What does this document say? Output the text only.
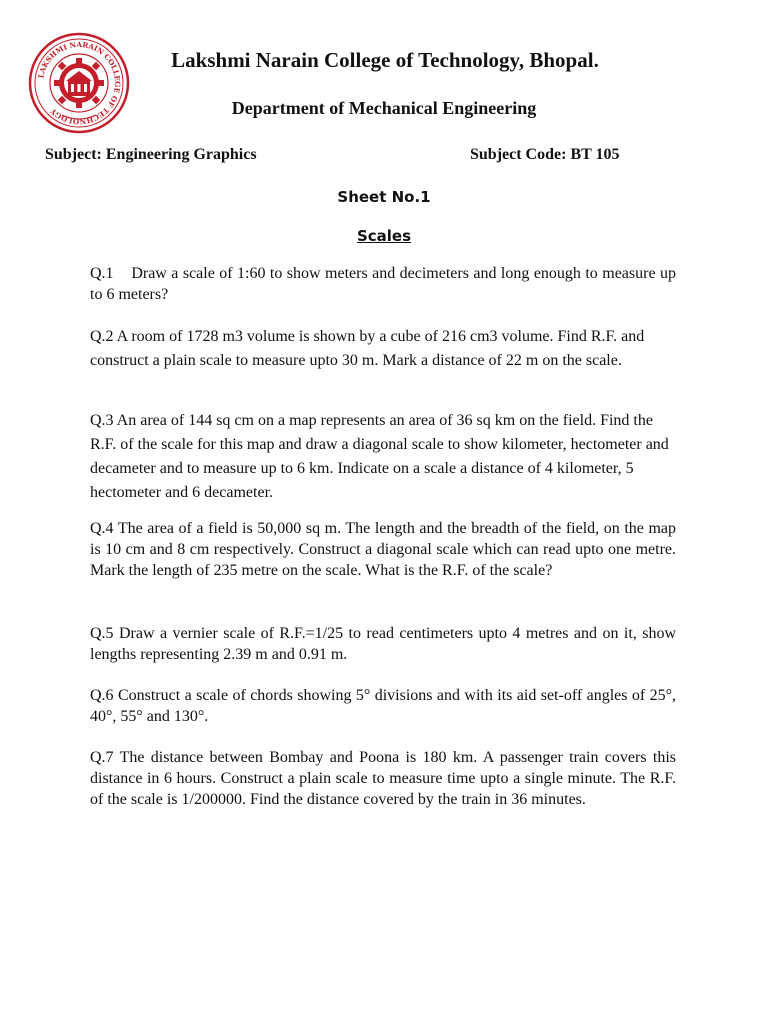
LAKSHMI NARAIN COLLEGE OF TECHNOLOGY
Lakshmi Narain College of Technology, Bhopal.
Department of Mechanical Engineering
Subject: Engineering Graphics	Subject Code: BT 105
Sheet No.1
Scales

Q.1    Draw a scale of 1:60 to show meters and decimeters and long enough to measure up to 6 meters?

Q.2 A room of 1728 m3 volume is shown by a cube of 216 cm3 volume. Find R.F. and construct a plain scale to measure upto 30 m. Mark a distance of 22 m on the scale.

Q.3 An area of 144 sq cm on a map represents an area of 36 sq km on the field. Find the R.F. of the scale for this map and draw a diagonal scale to show kilometer, hectometer and decameter and to measure up to 6 km. Indicate on a scale a distance of 4 kilometer, 5 hectometer and 6 decameter.

Q.4 The area of a field is 50,000 sq m. The length and the breadth of the field, on the map is 10 cm and 8 cm respectively. Construct a diagonal scale which can read upto one metre. Mark the length of 235 metre on the scale. What is the R.F. of the scale?

Q.5 Draw a vernier scale of R.F.=1/25 to read centimeters upto 4 metres and on it, show lengths representing 2.39 m and 0.91 m.

Q.6 Construct a scale of chords showing 5° divisions and with its aid set-off angles of 25°, 40°, 55° and 130°.

Q.7 The distance between Bombay and Poona is 180 km. A passenger train covers this distance in 6 hours. Construct a plain scale to measure time upto a single minute. The R.F. of the scale is 1/200000. Find the distance covered by the train in 36 minutes.
